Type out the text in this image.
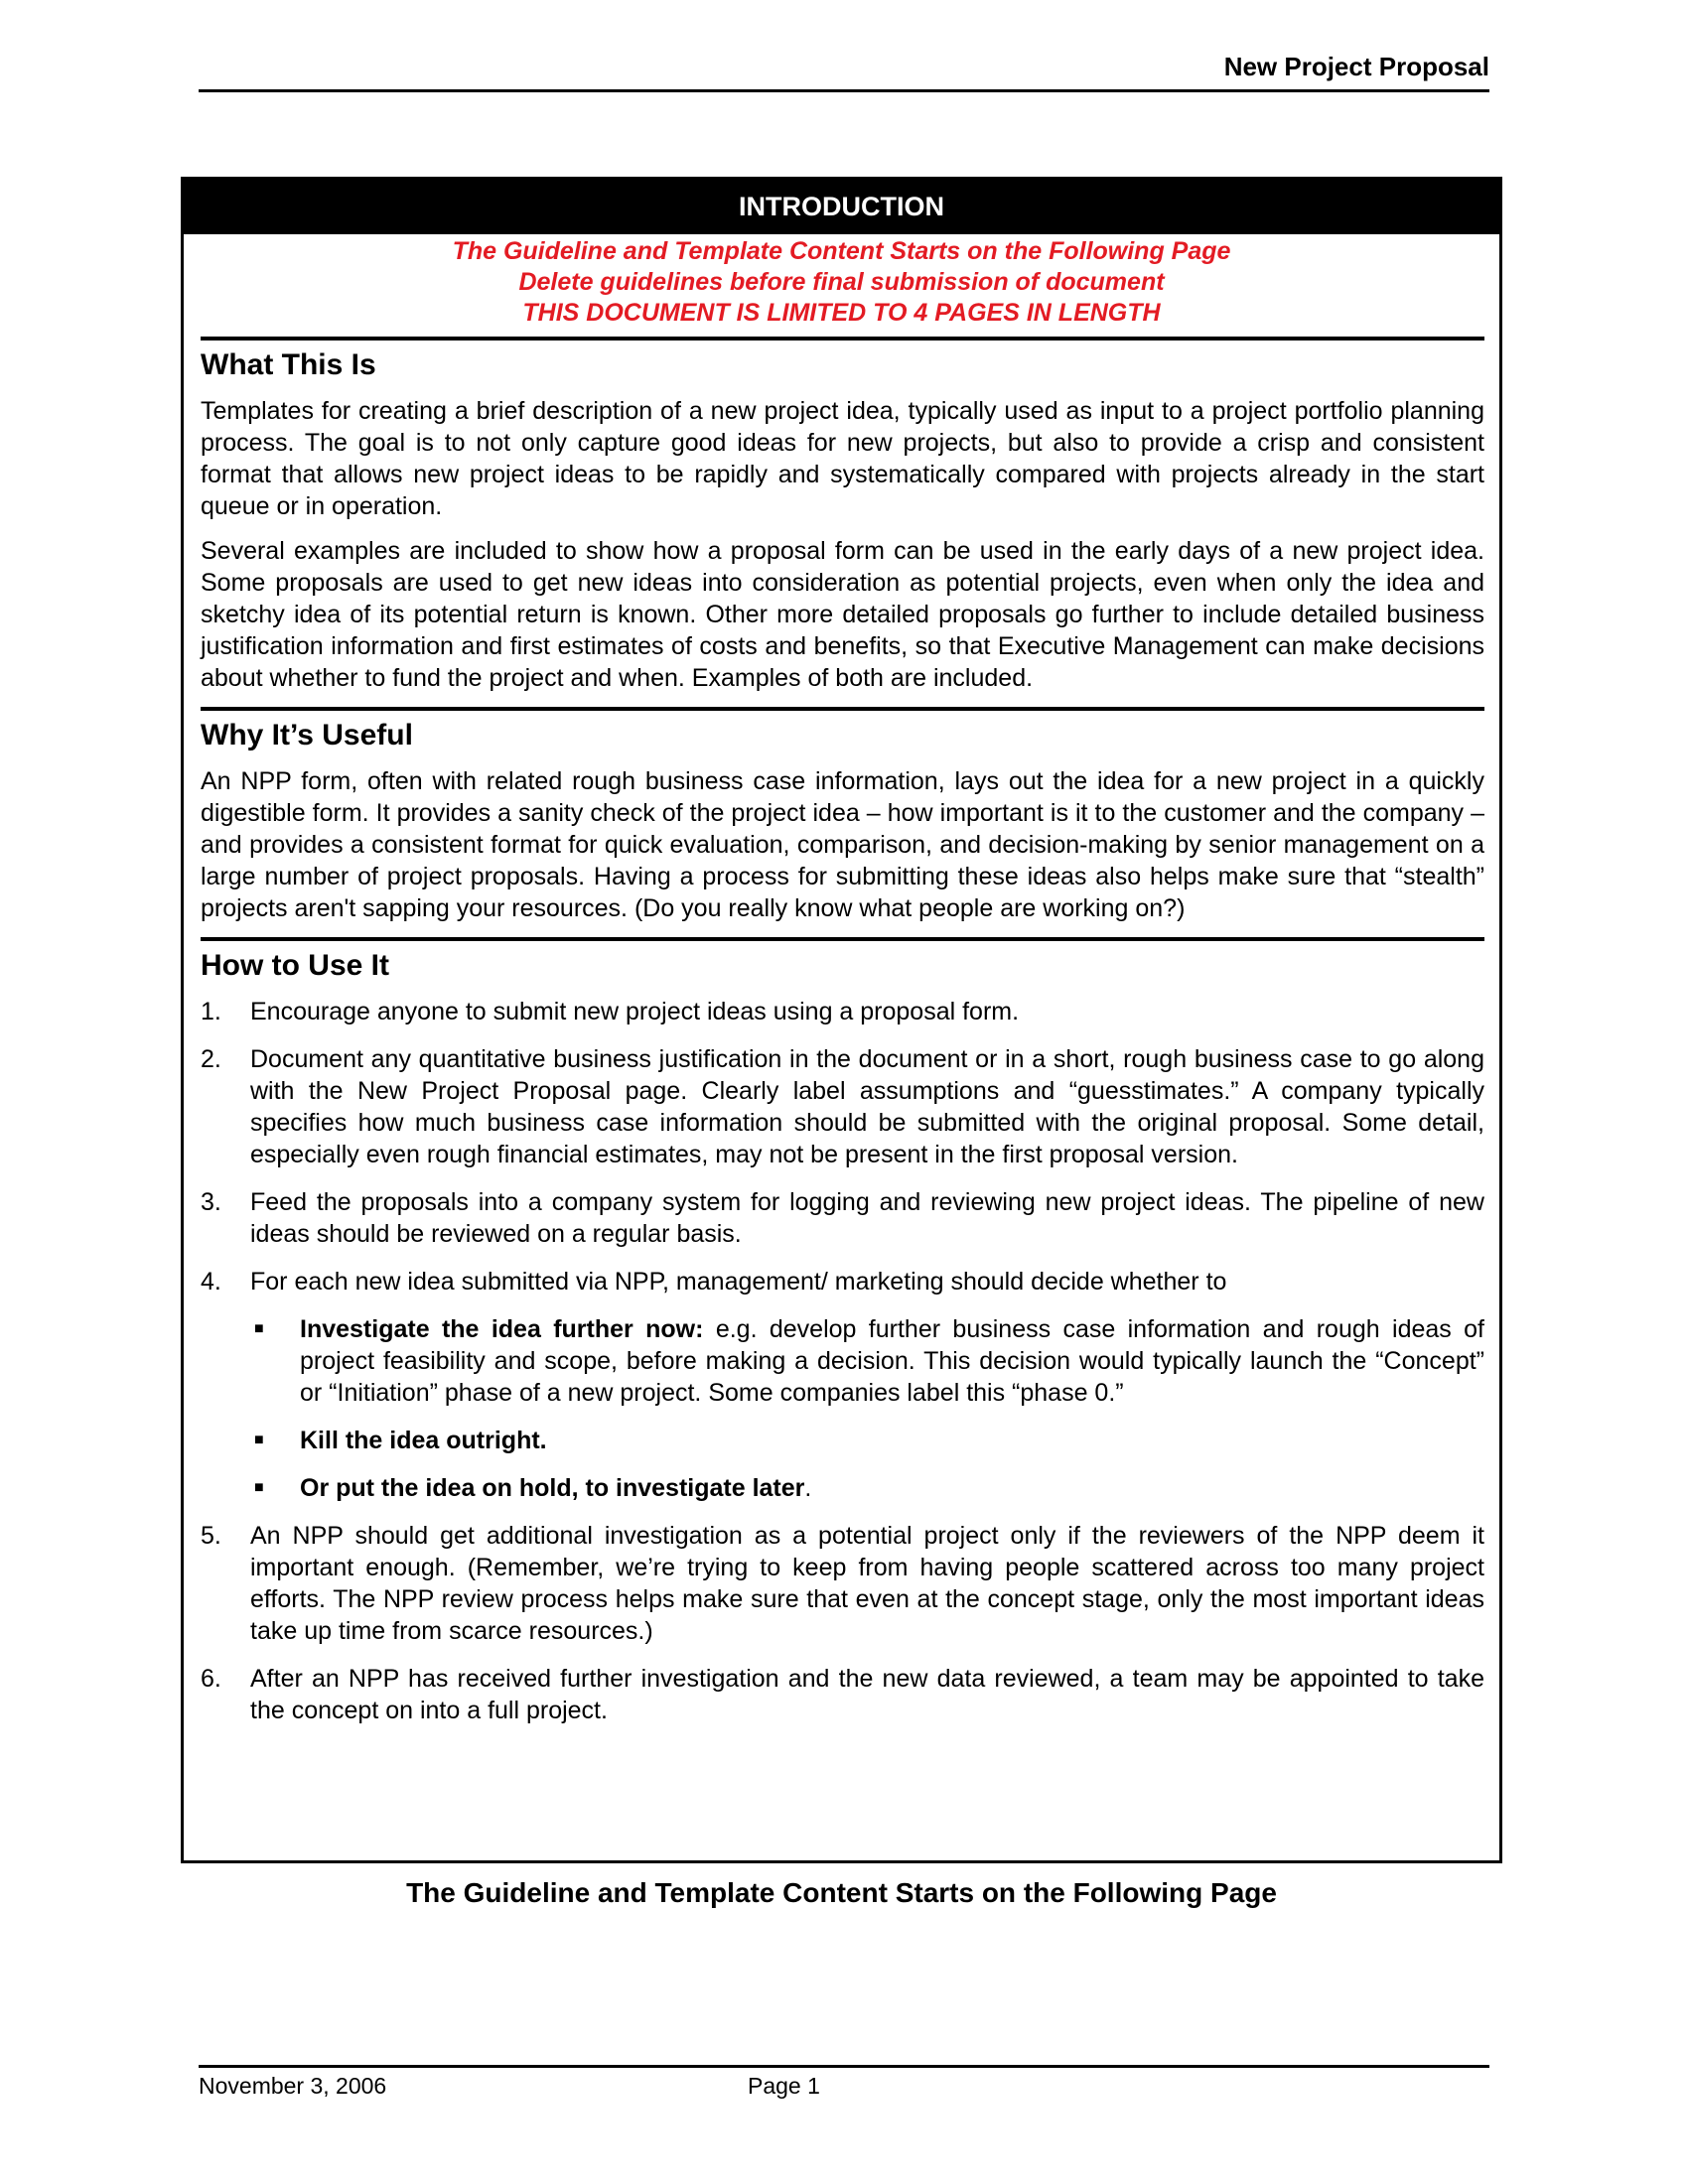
New Project Proposal
INTRODUCTION
The Guideline and Template Content Starts on the Following Page
Delete guidelines before final submission of document
THIS DOCUMENT IS LIMITED TO 4 PAGES IN LENGTH
What This Is

Templates for creating a brief description of a new project idea, typically used as input to a project portfolio planning process. The goal is to not only capture good ideas for new projects, but also to provide a crisp and consistent format that allows new project ideas to be rapidly and systematically compared with projects already in the start queue or in operation.

Several examples are included to show how a proposal form can be used in the early days of a new project idea. Some proposals are used to get new ideas into consideration as potential projects, even when only the idea and sketchy idea of its potential return is known. Other more detailed proposals go further to include detailed business justification information and first estimates of costs and benefits, so that Executive Management can make decisions about whether to fund the project and when. Examples of both are included.

Why It’s Useful

An NPP form, often with related rough business case information, lays out the idea for a new project in a quickly digestible form. It provides a sanity check of the project idea – how important is it to the customer and the company – and provides a consistent format for quick evaluation, comparison, and decision-making by senior management on a large number of project proposals. Having a process for submitting these ideas also helps make sure that “stealth” projects aren't sapping your resources. (Do you really know what people are working on?)

How to Use It
1. Encourage anyone to submit new project ideas using a proposal form.
2. Document any quantitative business justification in the document or in a short, rough business case to go along with the New Project Proposal page. Clearly label assumptions and “guesstimates.” A company typically specifies how much business case information should be submitted with the original proposal. Some detail, especially even rough financial estimates, may not be present in the first proposal version.
3. Feed the proposals into a company system for logging and reviewing new project ideas. The pipeline of new ideas should be reviewed on a regular basis.
4. For each new idea submitted via NPP, management/ marketing should decide whether to
■ Investigate the idea further now: e.g. develop further business case information and rough ideas of project feasibility and scope, before making a decision. This decision would typically launch the “Concept” or “Initiation” phase of a new project. Some companies label this “phase 0.”
■ Kill the idea outright.
■ Or put the idea on hold, to investigate later.
5. An NPP should get additional investigation as a potential project only if the reviewers of the NPP deem it important enough. (Remember, we’re trying to keep from having people scattered across too many project efforts. The NPP review process helps make sure that even at the concept stage, only the most important ideas take up time from scarce resources.)
6. After an NPP has received further investigation and the new data reviewed, a team may be appointed to take the concept on into a full project.
The Guideline and Template Content Starts on the Following Page
November 3, 2006	Page 1
